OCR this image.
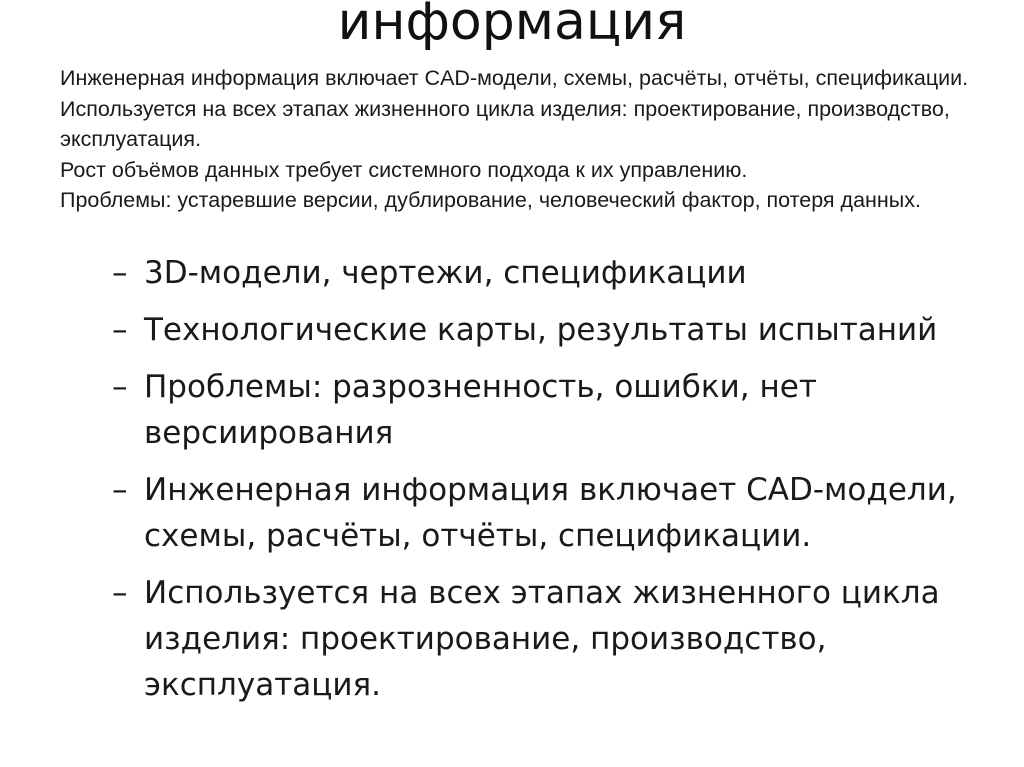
информация

Инженерная информация включает CAD-модели, схемы, расчёты, отчёты, спецификации.

Используется на всех этапах жизненного цикла изделия: проектирование, производство, эксплуатация.

Рост объёмов данных требует системного подхода к их управлению.

Проблемы: устаревшие версии, дублирование, человеческий фактор, потеря данных.

– 3D-модели, чертежи, спецификации
– Технологические карты, результаты испытаний
– Проблемы: разрозненность, ошибки, нет версиирования
– Инженерная информация включает CAD-модели, схемы, расчёты, отчёты, спецификации.
– Используется на всех этапах жизненного цикла изделия: проектирование, производство, эксплуатация.
